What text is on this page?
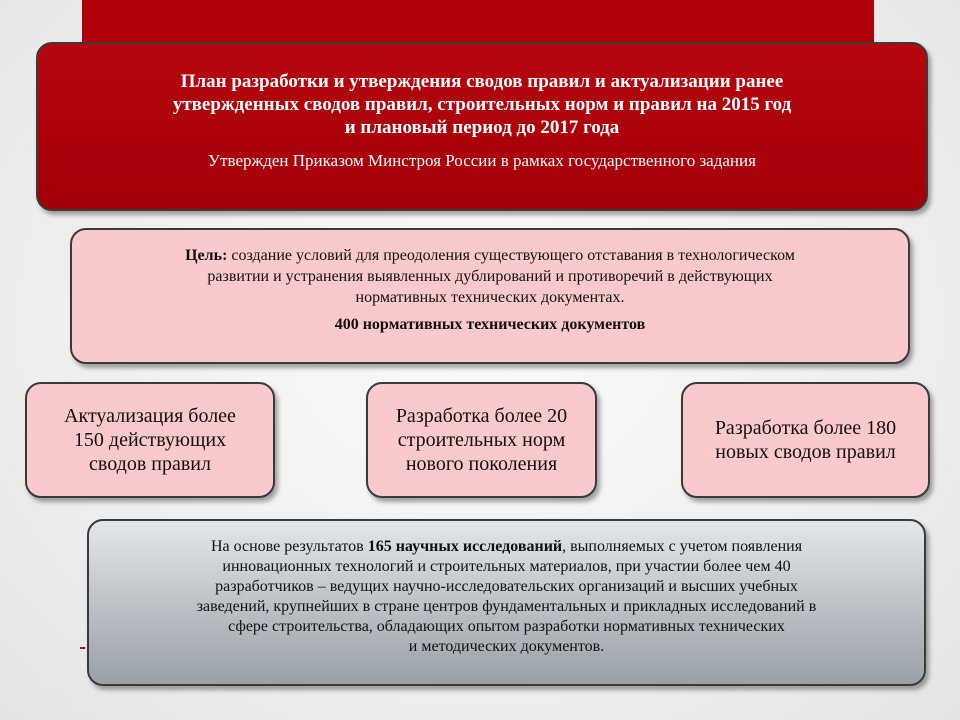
План разработки и утверждения сводов правил и актуализации ранее
утвержденных сводов правил, строительных норм и правил на 2015 год
и плановый период до 2017 года
Утвержден Приказом Минстроя России в рамках государственного задания
Цель: создание условий для преодоления существующего отставания в технологическом
развитии и устранения выявленных дублирований и противоречий в действующих
нормативных технических документах.
400 нормативных технических документов
Актуализация более
150 действующих
сводов правил
Разработка более 20
строительных норм
нового поколения
Разработка более 180
новых сводов правил
На основе результатов 165 научных исследований, выполняемых с учетом появления
инновационных технологий и строительных материалов, при участии более чем 40
разработчиков – ведущих научно-исследовательских организаций и высших учебных
заведений, крупнейших в стране центров фундаментальных и прикладных исследований в
сфере строительства, обладающих опытом разработки нормативных технических
и методических документов.
